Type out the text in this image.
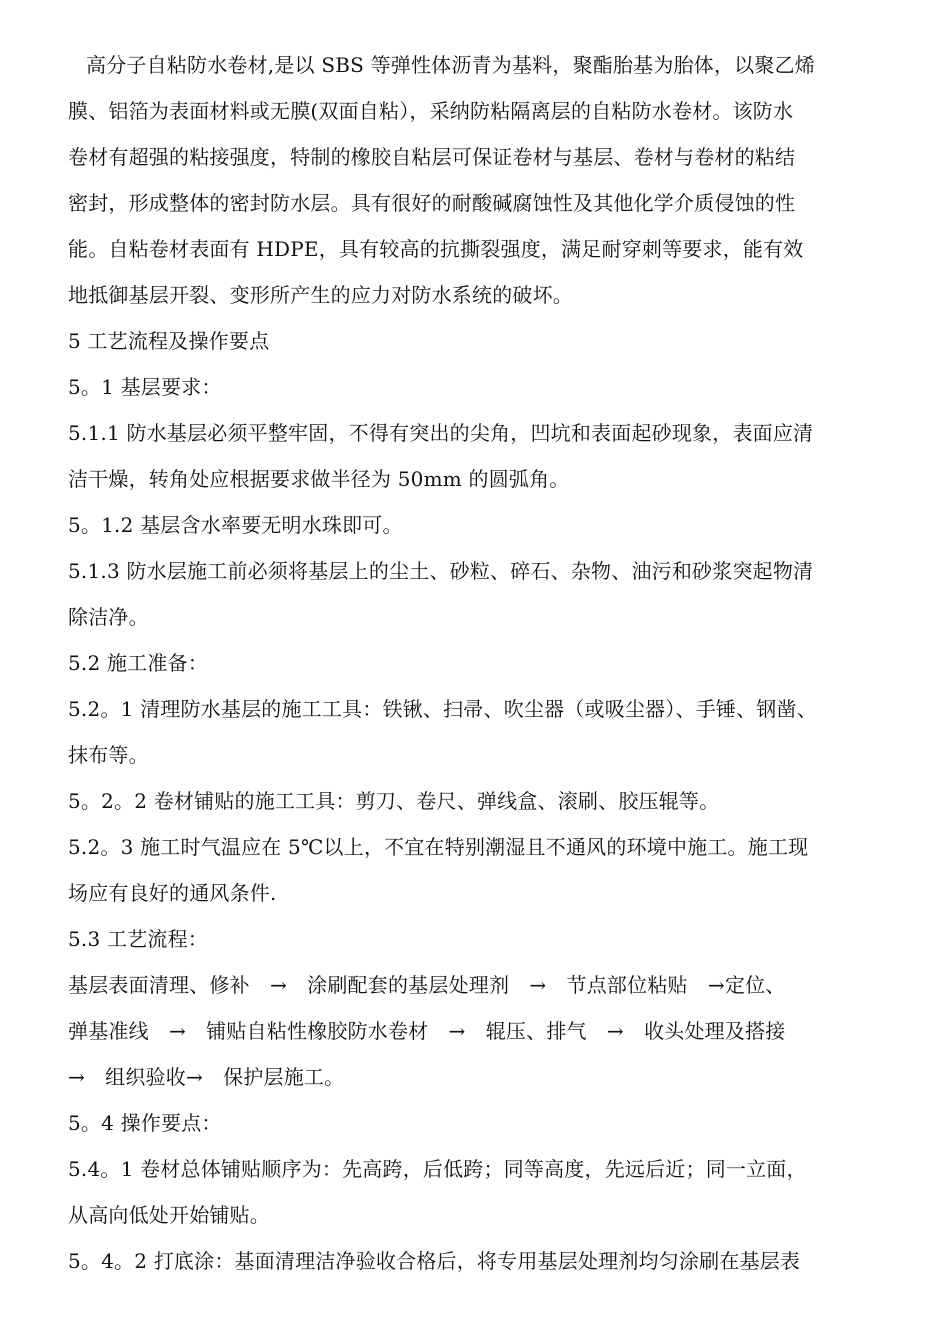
高分子自粘防水卷材,是以 SBS 等弹性体沥青为基料，聚酯胎基为胎体，以聚乙烯
膜、铝箔为表面材料或无膜(双面自粘），采纳防粘隔离层的自粘防水卷材。该防水
卷材有超强的粘接强度，特制的橡胶自粘层可保证卷材与基层、卷材与卷材的粘结
密封，形成整体的密封防水层。具有很好的耐酸碱腐蚀性及其他化学介质侵蚀的性
能。自粘卷材表面有 HDPE，具有较高的抗撕裂强度，满足耐穿刺等要求，能有效
地抵御基层开裂、变形所产生的应力对防水系统的破坏。
5 工艺流程及操作要点
5。1 基层要求：
5.1.1 防水基层必须平整牢固，不得有突出的尖角，凹坑和表面起砂现象，表面应清
洁干燥，转角处应根据要求做半径为 50mm 的圆弧角。
5。1.2 基层含水率要无明水珠即可。
5.1.3 防水层施工前必须将基层上的尘土、砂粒、碎石、杂物、油污和砂浆突起物清
除洁净。
5.2 施工准备：
5.2。1 清理防水基层的施工工具：铁锹、扫帚、吹尘器（或吸尘器）、手锤、钢凿、
抹布等。
5。2。2 卷材铺贴的施工工具：剪刀、卷尺、弹线盒、滚刷、胶压辊等。
5.2。3 施工时气温应在 5℃以上，不宜在特别潮湿且不通风的环境中施工。施工现
场应有良好的通风条件.
5.3 工艺流程：
基层表面清理、修补　→　涂刷配套的基层处理剂　→　节点部位粘贴　→定位、
弹基准线　→　铺贴自粘性橡胶防水卷材　→　辊压、排气　→　收头处理及搭接
→　组织验收→　保护层施工。
5。4 操作要点：
5.4。1 卷材总体铺贴顺序为：先高跨，后低跨；同等高度，先远后近；同一立面，
从高向低处开始铺贴。
5。4。2 打底涂：基面清理洁净验收合格后，将专用基层处理剂均匀涂刷在基层表
